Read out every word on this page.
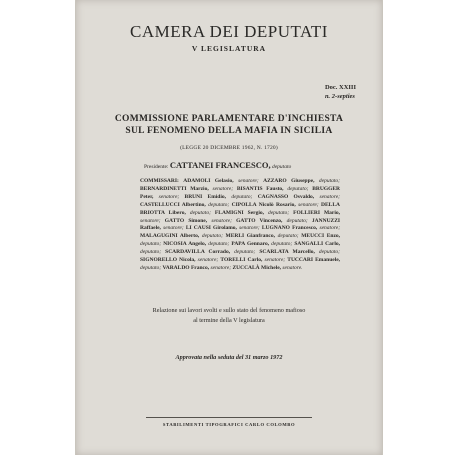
CAMERA DEI DEPUTATI
V LEGISLATURA
Doc. XXIII
n. 2-septies
COMMISSIONE PARLAMENTARE D'INCHIESTA
SUL FENOMENO DELLA MAFIA IN SICILIA
(LEGGE 20 DICEMBRE 1962, N. 1720)
Presidente: CATTANEI FRANCESCO, deputato
COMMISSARI: ADAMOLI Gelasio, senatore; AZZARO Giuseppe, deputato; BERNARDINETTI Marzio, senatore; BISANTIS Fausto, deputato; BRUGGER Peter, senatore; BRUNI Emidio, deputato; CAGNASSO Osvaldo, senatore; CASTELLUCCI Albertino, deputato; CIPOLLA Nicolò Rosario, senatore; DELLA BRIOTTA Libero, deputato; FLAMIGNI Sergio, deputato; FOLLIERI Mario, senatore; GATTO Simone, senatore; GATTO Vincenzo, deputato; JANNUZZI Raffaele, senatore; LI CAUSI Girolamo, senatore; LUGNANO Francesco, senatore; MALAGUGINI Alberto, deputato; MERLI Gianfranco, deputato; MEUCCI Enzo, deputato; NICOSIA Angelo, deputato; PAPA Gennaro, deputato; SANGALLI Carlo, deputato; SCARDAVILLA Corrado, deputato; SCARLATA Marcello, deputato; SIGNORELLO Nicola, senatore; TORELLI Carlo, senatore; TUCCARI Emanuele, deputato; VARALDO Franco, senatore; ZUCCALÀ Michele, senatore.
Relazione sui lavori svolti e sullo stato del fenomeno mafioso
al termine della V legislatura
Approvata nella seduta del 31 marzo 1972
STABILIMENTI TIPOGRAFICI CARLO COLOMBO
